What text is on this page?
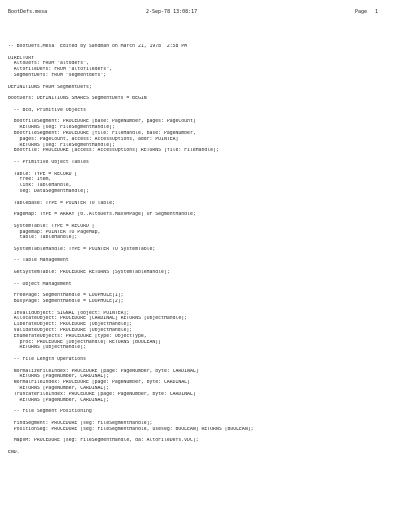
BootDefs.mesa	2-Sep-78 13:08:17	Page 1
-- BootDefs.Mesa  Edited by Sandman on March 21, 1978  2:58 PM
DIRECTORY
AltoDefs: FROM "altodefs",
AltoFileDefs: FROM "altofiledefs",
SegmentDefs: FROM "segmentdefs";
DEFINITIONS FROM SegmentDefs;
BootDefs: DEFINITIONS SHARES SegmentDefs = BEGIN
-- Bcd, Primitive Objects
BootFileSegment: PROCEDURE [base: PageNumber, pages: PageCount]
RETURNS [seg: FileSegmentHandle];
BootFileSegment: PROCEDURE [file: FileHandle, base: PageNumber,
pages: PageCount, access: AccessOptions, addr: POINTER]
RETURNS [seg: FileSegmentHandle];
BootFile: PROCEDURE [access: AccessOptions] RETURNS [file: FileHandle];
-- Primitive Object Tables
Table: TYPE = RECORD [
free: Item,
link: TableHandle,
seg: DataSegmentHandle];
TableBase: TYPE = POINTER TO Table;
PageMap: TYPE = ARRAY [0..AltoDefs.MaxVMPage] OF SegmentHandle;
SystemTable: TYPE = RECORD [
pagemap: POINTER TO PageMap,
table: TableHandle];
SystemTableHandle: TYPE = POINTER TO SystemTable;
-- Table Management
GetSystemTable: PROCEDURE RETURNS [SystemTableHandle];
-- Object Management
FreePage: SegmentHandle = LOOPHOLE[1];
BusyPage: SegmentHandle = LOOPHOLE[2];
InvalidObject: SIGNAL [object: POINTER];
AllocateObject: PROCEDURE [CARDINAL] RETURNS [ObjectHandle];
LiberateObject: PROCEDURE [ObjectHandle];
ValidateObject: PROCEDURE [ObjectHandle];
EnumerateObjects: PROCEDURE [type: ObjectType,
proc: PROCEDURE [ObjectHandle] RETURNS [BOOLEAN]]
RETURNS [ObjectHandle];
-- File Length Operations
NormalizeFileIndex: PROCEDURE [page: PageNumber, byte: CARDINAL]
RETURNS [PageNumber, CARDINAL];
NormalFileIndex: PROCEDURE [page: PageNumber, byte: CARDINAL]
RETURNS [PageNumber, CARDINAL];
TruncateFileIndex: PROCEDURE [page: PageNumber, byte: CARDINAL]
RETURNS [PageNumber, CARDINAL];
-- File Segment Positioning
FindSegment: PROCEDURE [seg: FileSegmentHandle];
PositionSeg: PROCEDURE [seg: FileSegmentHandle, useseg: BOOLEAN] RETURNS [BOOLEAN];
MapVM: PROCEDURE [seg: FileSegmentHandle, da: AltoFileDefs.vDC];
END.
